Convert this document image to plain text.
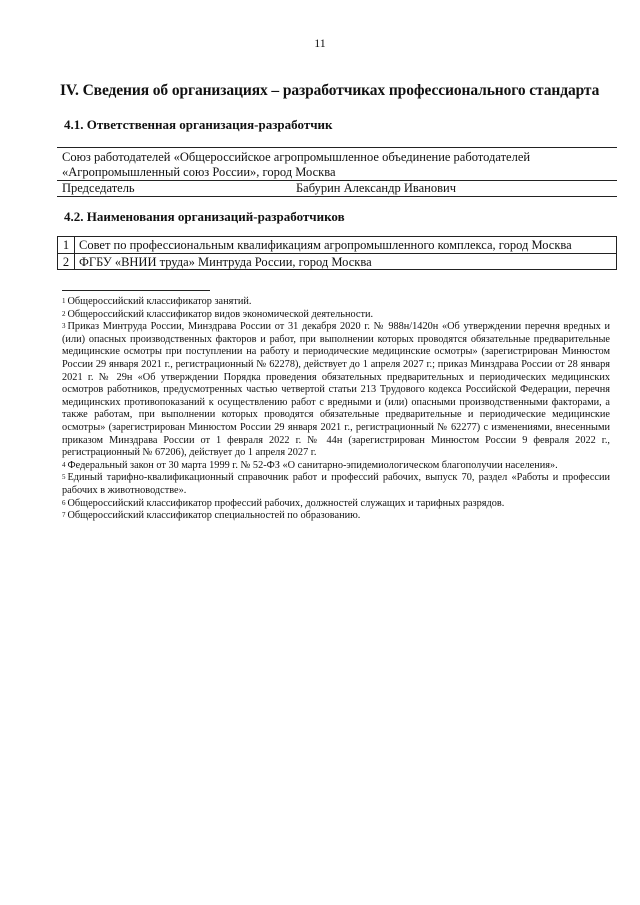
11
IV. Сведения об организациях – разработчиках профессионального стандарта
4.1. Ответственная организация-разработчик
Союз работодателей «Общероссийское агропромышленное объединение работодателей
«Агропромышленный союз России», город Москва

Председатель	Бабурин Александр Иванович
4.2. Наименования организаций-разработчиков
1	Совет по профессиональным квалификациям агропромышленного комплекса, город Москва
2	ФГБУ «ВНИИ труда» Минтруда России, город Москва

$^1$ Общероссийский классификатор занятий.

$^2$ Общероссийский классификатор видов экономической деятельности.

$^3$ Приказ Минтруда России, Минздрава России от 31 декабря 2020 г. № 988н/1420н «Об утверждении перечня вредных и (или) опасных производственных факторов и работ, при выполнении которых проводятся обязательные предварительные медицинские осмотры при поступлении на работу и периодические медицинские осмотры» (зарегистрирован Минюстом России 29 января 2021 г., регистрационный № 62278), действует до 1 апреля 2027 г.; приказ Минздрава России от 28 января 2021 г. № 29н «Об утверждении Порядка проведения обязательных предварительных и периодических медицинских осмотров работников, предусмотренных частью четвертой статьи 213 Трудового кодекса Российской Федерации, перечня медицинских противопоказаний к осуществлению работ с вредными и (или) опасными производственными факторами, а также работам, при выполнении которых проводятся обязательные предварительные и периодические медицинские осмотры» (зарегистрирован Минюстом России 29 января 2021 г., регистрационный № 62277) с изменениями, внесенными приказом Минздрава России от 1 февраля 2022 г. № 44н (зарегистрирован Минюстом России 9 февраля 2022 г., регистрационный № 67206), действует до 1 апреля 2027 г.

$^4$ Федеральный закон от 30 марта 1999 г. № 52-ФЗ «О санитарно-эпидемиологическом благополучии населения».

$^5$ Единый тарифно-квалификационный справочник работ и профессий рабочих, выпуск 70, раздел «Работы и профессии рабочих в животноводстве».

$^6$ Общероссийский классификатор профессий рабочих, должностей служащих и тарифных разрядов.

$^7$ Общероссийский классификатор специальностей по образованию.
